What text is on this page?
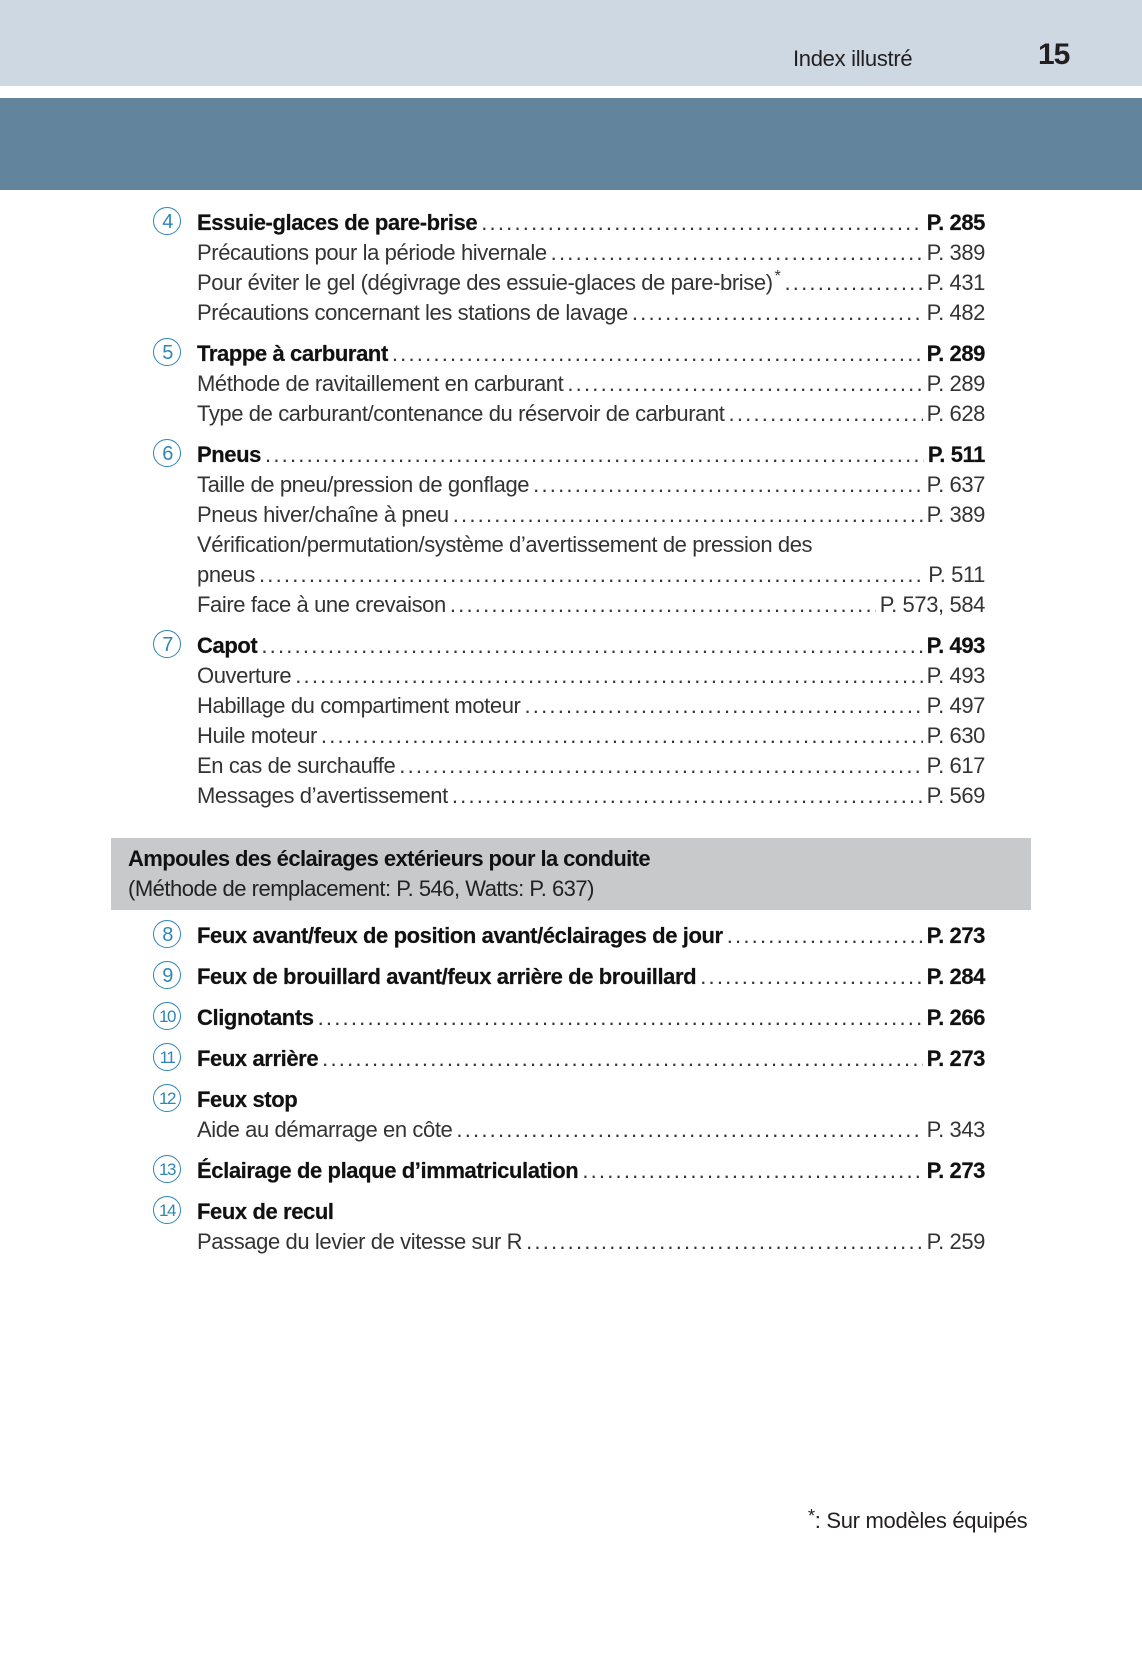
Index illustré	15
4	Essuie-glaces de pare-brise .....	P. 285
Précautions pour la période hivernale .....	P. 389
Pour éviter le gel (dégivrage des essuie-glaces de pare-brise) * .....	P. 431
Précautions concernant les stations de lavage .....	P. 482
5	Trappe à carburant .....	P. 289
Méthode de ravitaillement en carburant .....	P. 289
Type de carburant/contenance du réservoir de carburant .....	P. 628
6	Pneus .....	P. 511
Taille de pneu/pression de gonflage .....	P. 637
Pneus hiver/chaîne à pneu .....	P. 389
Vérification/permutation/système d’avertissement de pression des
pneus .....	P. 511
Faire face à une crevaison .....	P. 573, 584
7	Capot .....	P. 493
Ouverture .....	P. 493
Habillage du compartiment moteur .....	P. 497
Huile moteur .....	P. 630
En cas de surchauffe .....	P. 617
Messages d’avertissement .....	P. 569
Ampoules des éclairages extérieurs pour la conduite
(Méthode de remplacement: P. 546, Watts: P. 637)
8	Feux avant/feux de position avant/éclairages de jour .....	P. 273
9	Feux de brouillard avant/feux arrière de brouillard .....	P. 284
10	Clignotants .....	P. 266
11	Feux arrière .....	P. 273
12	Feux stop
Aide au démarrage en côte .....	P. 343
13	Éclairage de plaque d’immatriculation .....	P. 273
14	Feux de recul
Passage du levier de vitesse sur R .....	P. 259
*: Sur modèles équipés
